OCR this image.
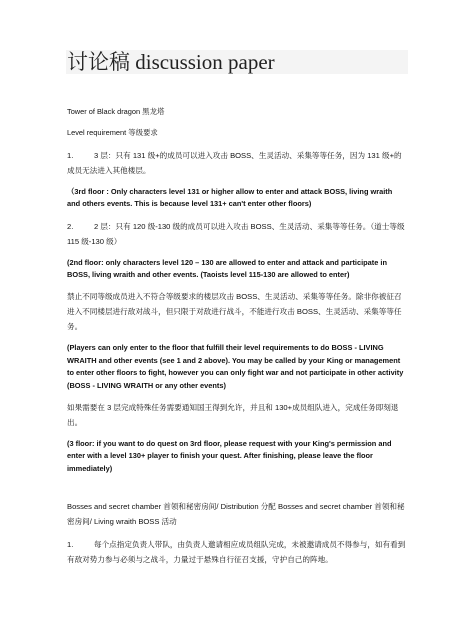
讨论稿 discussion paper

Tower of Black dragon 黑龙塔

Level requirement 等级要求

1.	3 层：只有 131 级+的成员可以进入攻击 BOSS、生灵活动、采集等等任务，因为 131 级+的成员无法进入其他楼层。

（3rd floor : Only characters level 131 or higher allow to enter and attack BOSS, living wraith and others events. This is because level 131+ can't enter other floors)

2.	2 层：只有 120 级-130 级的成员可以进入攻击 BOSS、生灵活动、采集等等任务。（道士等级 115 级-130 级）

(2nd floor: only characters level 120 – 130 are allowed to enter and attack and participate in BOSS, living wraith and other events. (Taoists level 115-130 are allowed to enter)

禁止不同等级成员进入不符合等级要求的楼层攻击 BOSS、生灵活动、采集等等任务。除非你被征召进入不同楼层进行敌对战斗，但只限于对敌进行战斗，不能进行攻击 BOSS、生灵活动、采集等等任务。

(Players can only enter to the floor that fulfill their level requirements to do BOSS - LIVING WRAITH and other events (see 1 and 2 above). You may be called by your King or management to enter other floors to fight, however you can only fight war and not participate in other activity (BOSS - LIVING WRAITH or any other events)

如果需要在 3 层完成特殊任务需要通知国王得到允许，并且和 130+成员组队进入，完成任务即刻退出。

(3 floor: if you want to do quest on 3rd floor, please request with your King's permission and enter with a level 130+ player to finish your quest. After finishing, please leave the floor immediately)

Bosses and secret chamber 首领和秘密房间/ Distribution 分配 Bosses and secret chamber 首领和秘密房间/ Living wraith BOSS 活动

1.	每个点指定负责人带队，由负责人邀请相应成员组队完成，未被邀请成员不得参与，如有看到有敌对势力参与必须与之战斗，力量过于悬殊自行征召支援，守护自己的阵地。
